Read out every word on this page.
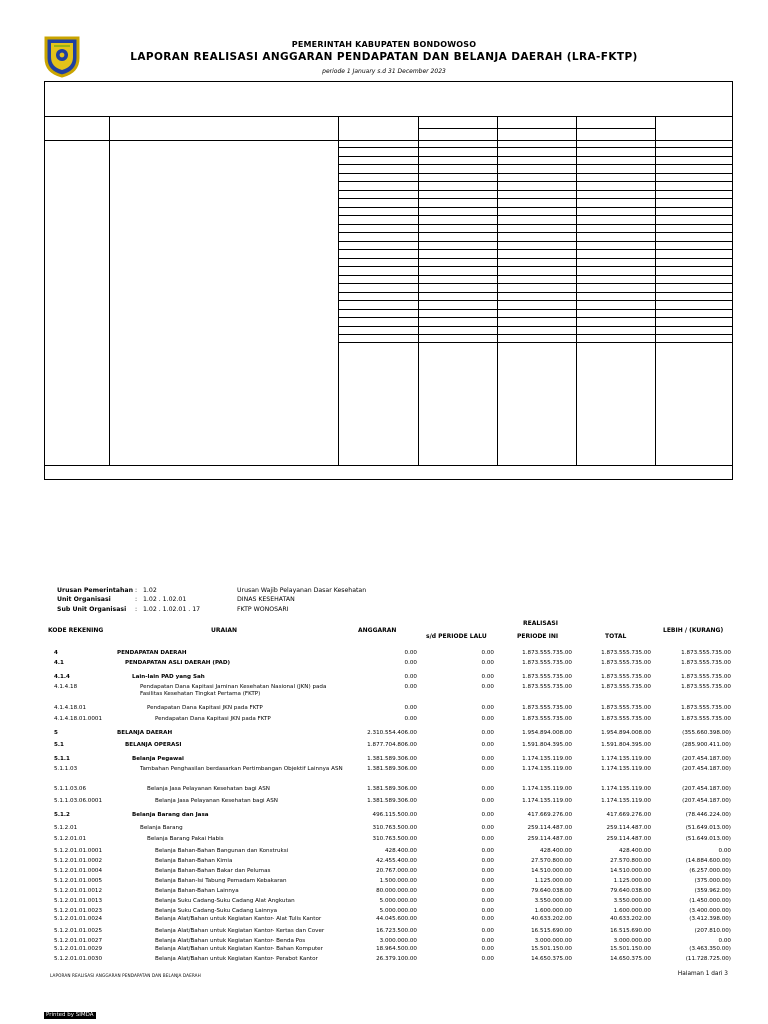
PEMERINTAH KABUPATEN BONDOWOSO
LAPORAN REALISASI ANGGARAN PENDAPATAN DAN BELANJA DAERAH (LRA-FKTP)
periode 1 January s.d 31 December 2023
Urusan Pemerintahan : 1.02	Urusan Wajib Pelayanan Dasar Kesehatan
Unit Organisasi	: 1.02 . 1.02.01	DINAS KESEHATAN
Sub Unit Organisasi	: 1.02 . 1.02.01 . 17	FKTP WONOSARI
KODE REKENING	URAIAN	ANGGARAN
REALISASI
s/d PERIODE LALU	PERIODE INI	TOTAL
LEBIH / (KURANG)
4	PENDAPATAN DAERAH	0.00	0.00	1.873.555.735.00	1.873.555.735.00	1.873.555.735.00
4.1	PENDAPATAN ASLI DAERAH (PAD)	0.00	0.00	1.873.555.735.00	1.873.555.735.00	1.873.555.735.00
4.1.4	Lain-lain PAD yang Sah	0.00	0.00	1.873.555.735.00	1.873.555.735.00	1.873.555.735.00
4.1.4.18	Pendapatan Dana Kapitasi Jaminan Kesehatan Nasional (JKN) pada Fasilitas Kesehatan Tingkat Pertama (FKTP)
0.00	0.00	1.873.555.735.00	1.873.555.735.00	1.873.555.735.00
4.1.4.18.01	Pendapatan Dana Kapitasi JKN pada FKTP	0.00	0.00	1.873.555.735.00	1.873.555.735.00	1.873.555.735.00
4.1.4.18.01.0001	Pendapatan Dana Kapitasi JKN pada FKTP	0.00	0.00	1.873.555.735.00	1.873.555.735.00	1.873.555.735.00
5	BELANJA DAERAH	2.310.554.406.00	0.00	1.954.894.008.00	1.954.894.008.00	(355.660.398.00)
5.1	BELANJA OPERASI	1.877.704.806.00	0.00	1.591.804.395.00	1.591.804.395.00	(285.900.411.00)
5.1.1	Belanja Pegawai	1.381.589.306.00	0.00	1.174.135.119.00	1.174.135.119.00	(207.454.187.00)
5.1.1.03	Tambahan Penghasilan berdasarkan Pertimbangan Objektif Lainnya ASN	1.381.589.306.00	0.00	1.174.135.119.00	1.174.135.119.00	(207.454.187.00)
5.1.1.03.06	Belanja Jasa Pelayanan Kesehatan bagi ASN	1.381.589.306.00	0.00	1.174.135.119.00	1.174.135.119.00	(207.454.187.00)
5.1.1.03.06.0001	Belanja Jasa Pelayanan Kesehatan bagi ASN	1.381.589.306.00	0.00	1.174.135.119.00	1.174.135.119.00	(207.454.187.00)
5.1.2	Belanja Barang dan Jasa	496.115.500.00	0.00	417.669.276.00	417.669.276.00	(78.446.224.00)
5.1.2.01	Belanja Barang	310.763.500.00	0.00	259.114.487.00	259.114.487.00	(51.649.013.00)
5.1.2.01.01	Belanja Barang Pakai Habis	310.763.500.00	0.00	259.114.487.00	259.114.487.00	(51.649.013.00)
5.1.2.01.01.0001	Belanja Bahan-Bahan Bangunan dan Konstruksi	428.400.00	0.00	428.400.00	428.400.00	0.00
5.1.2.01.01.0002	Belanja Bahan-Bahan Kimia	42.455.400.00	0.00	27.570.800.00	27.570.800.00	(14.884.600.00)
5.1.2.01.01.0004	Belanja Bahan-Bahan Bakar dan Pelumas	20.767.000.00	0.00	14.510.000.00	14.510.000.00	(6.257.000.00)
5.1.2.01.01.0005	Belanja Bahan-Isi Tabung Pemadam Kebakaran	1.500.000.00	0.00	1.125.000.00	1.125.000.00	(375.000.00)
5.1.2.01.01.0012	Belanja Bahan-Bahan Lainnya	80.000.000.00	0.00	79.640.038.00	79.640.038.00	(359.962.00)
5.1.2.01.01.0013	Belanja Suku Cadang-Suku Cadang Alat Angkutan	5.000.000.00	0.00	3.550.000.00	3.550.000.00	(1.450.000.00)
5.1.2.01.01.0023	Belanja Suku Cadang-Suku Cadang Lainnya	5.000.000.00	0.00	1.600.000.00	1.600.000.00	(3.400.000.00)
5.1.2.01.01.0024	Belanja Alat/Bahan untuk Kegiatan Kantor- Alat Tulis Kantor	44.045.600.00	0.00	40.633.202.00	40.633.202.00	(3.412.398.00)
5.1.2.01.01.0025	Belanja Alat/Bahan untuk Kegiatan Kantor- Kertas dan Cover	16.723.500.00	0.00	16.515.690.00	16.515.690.00	(207.810.00)
5.1.2.01.01.0027	Belanja Alat/Bahan untuk Kegiatan Kantor- Benda Pos	3.000.000.00	0.00	3.000.000.00	3.000.000.00	0.00
5.1.2.01.01.0029	Belanja Alat/Bahan untuk Kegiatan Kantor- Bahan Komputer	18.964.500.00	0.00	15.501.150.00	15.501.150.00	(3.463.350.00)
5.1.2.01.01.0030	Belanja Alat/Bahan untuk Kegiatan Kantor- Perabot Kantor	26.379.100.00	0.00	14.650.375.00	14.650.375.00	(11.728.725.00)
LAPORAN REALISASI ANGGARAN PENDAPATAN DAN BELANJA DAERAH	Halaman 1 dari 3
Printed by SIMDA
